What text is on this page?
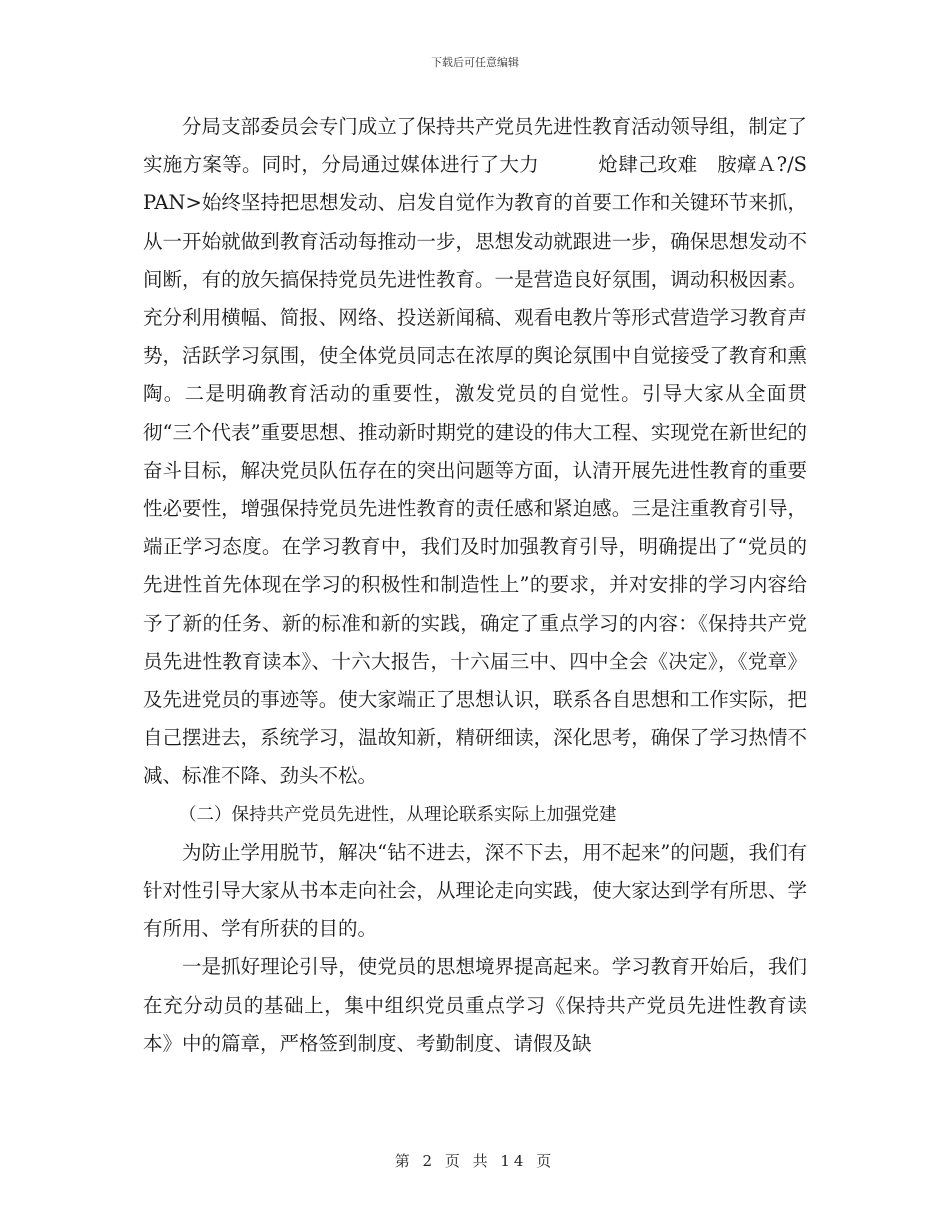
下载后可任意编辑

分局支部委员会专门成立了保持共产党员先进性教育活动领导组，制定了实施方案等。同时，分局通过媒体进行了大力　　　炝肆己玫难　胺瘴Ａ?/SPAN>始终坚持把思想发动、启发自觉作为教育的首要工作和关键环节来抓，从一开始就做到教育活动每推动一步，思想发动就跟进一步，确保思想发动不间断，有的放矢搞保持党员先进性教育。一是营造良好氛围，调动积极因素。充分利用横幅、简报、网络、投送新闻稿、观看电教片等形式营造学习教育声势，活跃学习氛围，使全体党员同志在浓厚的舆论氛围中自觉接受了教育和熏陶。二是明确教育活动的重要性，激发党员的自觉性。引导大家从全面贯彻“三个代表”重要思想、推动新时期党的建设的伟大工程、实现党在新世纪的奋斗目标，解决党员队伍存在的突出问题等方面，认清开展先进性教育的重要性必要性，增强保持党员先进性教育的责任感和紧迫感。三是注重教育引导，端正学习态度。在学习教育中，我们及时加强教育引导，明确提出了“党员的先进性首先体现在学习的积极性和制造性上”的要求，并对安排的学习内容给予了新的任务、新的标准和新的实践，确定了重点学习的内容：《保持共产党员先进性教育读本》、十六大报告，十六届三中、四中全会《决定》，《党章》及先进党员的事迹等。使大家端正了思想认识，联系各自思想和工作实际，把自己摆进去，系统学习，温故知新，精研细读，深化思考，确保了学习热情不减、标准不降、劲头不松。

（二）保持共产党员先进性，从理论联系实际上加强党建

为防止学用脱节，解决“钻不进去，深不下去，用不起来”的问题，我们有针对性引导大家从书本走向社会，从理论走向实践，使大家达到学有所思、学有所用、学有所获的目的。

一是抓好理论引导，使党员的思想境界提高起来。学习教育开始后，我们在充分动员的基础上，集中组织党员重点学习《保持共产党员先进性教育读本》中的篇章，严格签到制度、考勤制度、请假及缺

第 2 页 共 14 页
